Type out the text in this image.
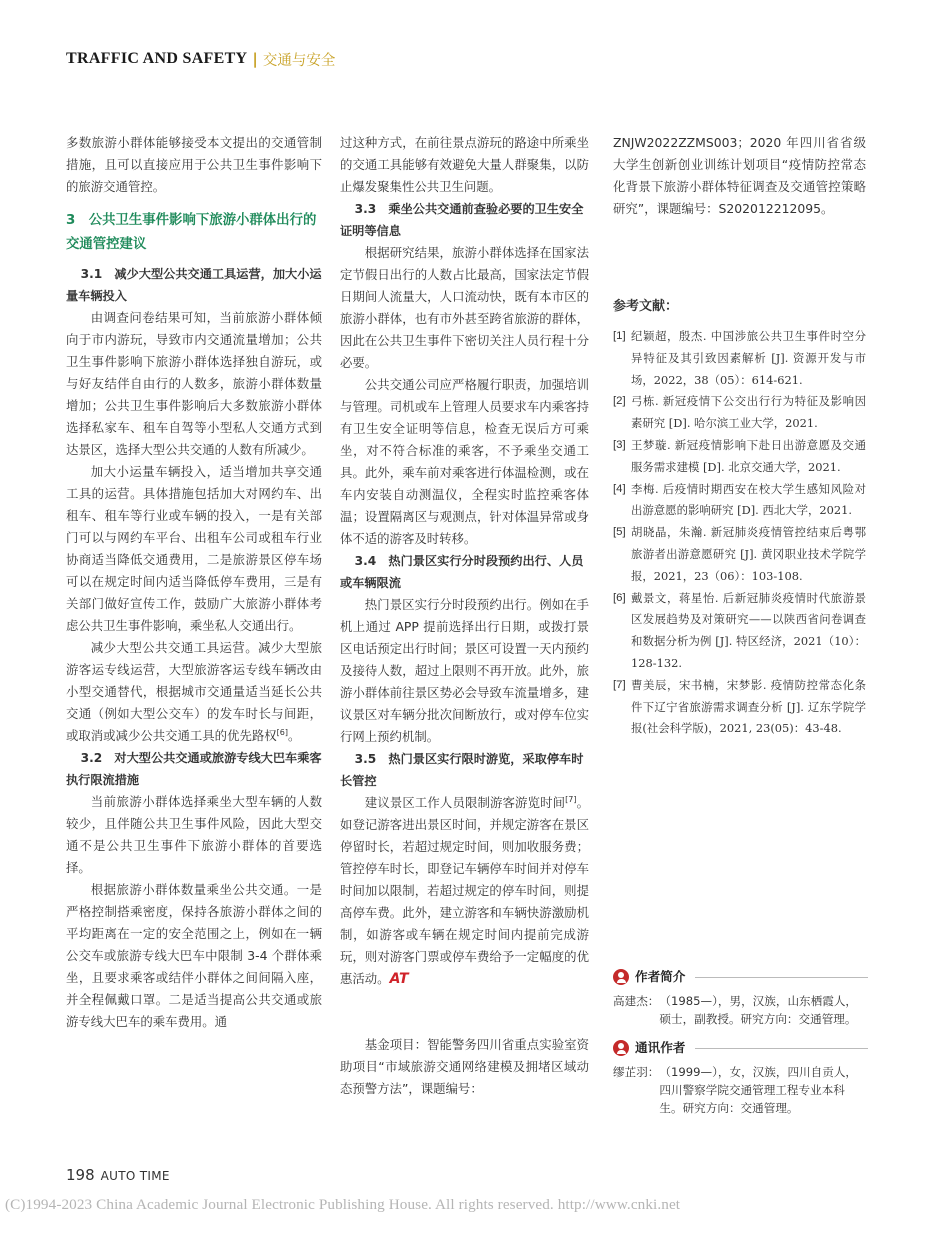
TRAFFIC AND SAFETY | 交通与安全

多数旅游小群体能够接受本文提出的交通管制措施，且可以直接应用于公共卫生事件影响下的旅游交通管控。

3　公共卫生事件影响下旅游小群体出行的交通管控建议
3.1　减少大型公共交通工具运营，加大小运量车辆投入

由调查问卷结果可知，当前旅游小群体倾向于市内游玩，导致市内交通流量增加；公共卫生事件影响下旅游小群体选择独自游玩，或与好友结伴自由行的人数多，旅游小群体数量增加；公共卫生事件影响后大多数旅游小群体选择私家车、租车自驾等小型私人交通方式到达景区，选择大型公共交通的人数有所减少。

加大小运量车辆投入，适当增加共享交通工具的运营。具体措施包括加大对网约车、出租车、租车等行业或车辆的投入，一是有关部门可以与网约车平台、出租车公司或租车行业协商适当降低交通费用，二是旅游景区停车场可以在规定时间内适当降低停车费用，三是有关部门做好宣传工作，鼓励广大旅游小群体考虑公共卫生事件影响，乘坐私人交通出行。

减少大型公共交通工具运营。减少大型旅游客运专线运营，大型旅游客运专线车辆改由小型交通替代，根据城市交通量适当延长公共交通（例如大型公交车）的发车时长与间距，或取消或减少公共交通工具的优先路权[6]。

3.2　对大型公共交通或旅游专线大巴车乘客执行限流措施

当前旅游小群体选择乘坐大型车辆的人数较少，且伴随公共卫生事件风险，因此大型交通不是公共卫生事件下旅游小群体的首要选择。

根据旅游小群体数量乘坐公共交通。一是严格控制搭乘密度，保持各旅游小群体之间的平均距离在一定的安全范围之上，例如在一辆公交车或旅游专线大巴车中限制 3-4 个群体乘坐，且要求乘客或结伴小群体之间间隔入座，并全程佩戴口罩。二是适当提高公共交通或旅游专线大巴车的乘车费用。通

过这种方式，在前往景点游玩的路途中所乘坐的交通工具能够有效避免大量人群聚集，以防止爆发聚集性公共卫生问题。

3.3　乘坐公共交通前查验必要的卫生安全证明等信息

根据研究结果，旅游小群体选择在国家法定节假日出行的人数占比最高，国家法定节假日期间人流量大，人口流动快，既有本市区的旅游小群体，也有市外甚至跨省旅游的群体，因此在公共卫生事件下密切关注人员行程十分必要。

公共交通公司应严格履行职责，加强培训与管理。司机或车上管理人员要求车内乘客持有卫生安全证明等信息，检查无误后方可乘坐，对不符合标准的乘客，不予乘坐交通工具。此外，乘车前对乘客进行体温检测，或在车内安装自动测温仪，全程实时监控乘客体温；设置隔离区与观测点，针对体温异常或身体不适的游客及时转移。

3.4　热门景区实行分时段预约出行、人员或车辆限流

热门景区实行分时段预约出行。例如在手机上通过 APP 提前选择出行日期，或拨打景区电话预定出行时间；景区可设置一天内预约及接待人数，超过上限则不再开放。此外，旅游小群体前往景区势必会导致车流量增多，建议景区对车辆分批次间断放行，或对停车位实行网上预约机制。

3.5　热门景区实行限时游览，采取停车时长管控

建议景区工作人员限制游客游览时间[7]。如登记游客进出景区时间，并规定游客在景区停留时长，若超过规定时间，则加收服务费；管控停车时长，即登记车辆停车时间并对停车时间加以限制，若超过规定的停车时间，则提高停车费。此外，建立游客和车辆快游激励机制，如游客或车辆在规定时间内提前完成游玩，则对游客门票或停车费给予一定幅度的优惠活动。AT

基金项目：智能警务四川省重点实验室资助项目“市域旅游交通网络建模及拥堵区域动态预警方法”，课题编号：

ZNJW2022ZZMS003；2020 年四川省省级大学生创新创业训练计划项目“疫情防控常态化背景下旅游小群体特征调查及交通管控策略研究”，课题编号：S202012212095。

参考文献：
[1] 纪颖超，殷杰. 中国涉旅公共卫生事件时空分异特征及其引致因素解析 [J]. 资源开发与市场，2022，38（05）：614-621.
[2] 弓栋. 新冠疫情下公交出行行为特征及影响因素研究 [D]. 哈尔滨工业大学，2021.
[3] 王梦璇. 新冠疫情影响下赴日出游意愿及交通服务需求建模 [D]. 北京交通大学，2021.
[4] 李梅. 后疫情时期西安在校大学生感知风险对出游意愿的影响研究 [D]. 西北大学，2021.
[5] 胡晓晶，朱瀚. 新冠肺炎疫情管控结束后粤鄂旅游者出游意愿研究 [J]. 黄冈职业技术学院学报，2021，23（06）：103-108.
[6] 戴景文，蒋星怡. 后新冠肺炎疫情时代旅游景区发展趋势及对策研究——以陕西省问卷调查和数据分析为例 [J]. 特区经济，2021（10）：128-132.
[7] 曹美辰，宋书楠，宋梦影. 疫情防控常态化条件下辽宁省旅游需求调查分析 [J]. 辽东学院学报(社会科学版)，2021, 23(05)：43-48.
作者简介
高建杰： （1985—），男，汉族，山东栖霞人，硕士，副教授。研究方向：交通管理。
通讯作者
缪芷羽： （1999—），女，汉族，四川自贡人，四川警察学院交通管理工程专业本科生。研究方向：交通管理。
198 AUTO TIME
(C)1994-2023 China Academic Journal Electronic Publishing House. All rights reserved. http://www.cnki.net
